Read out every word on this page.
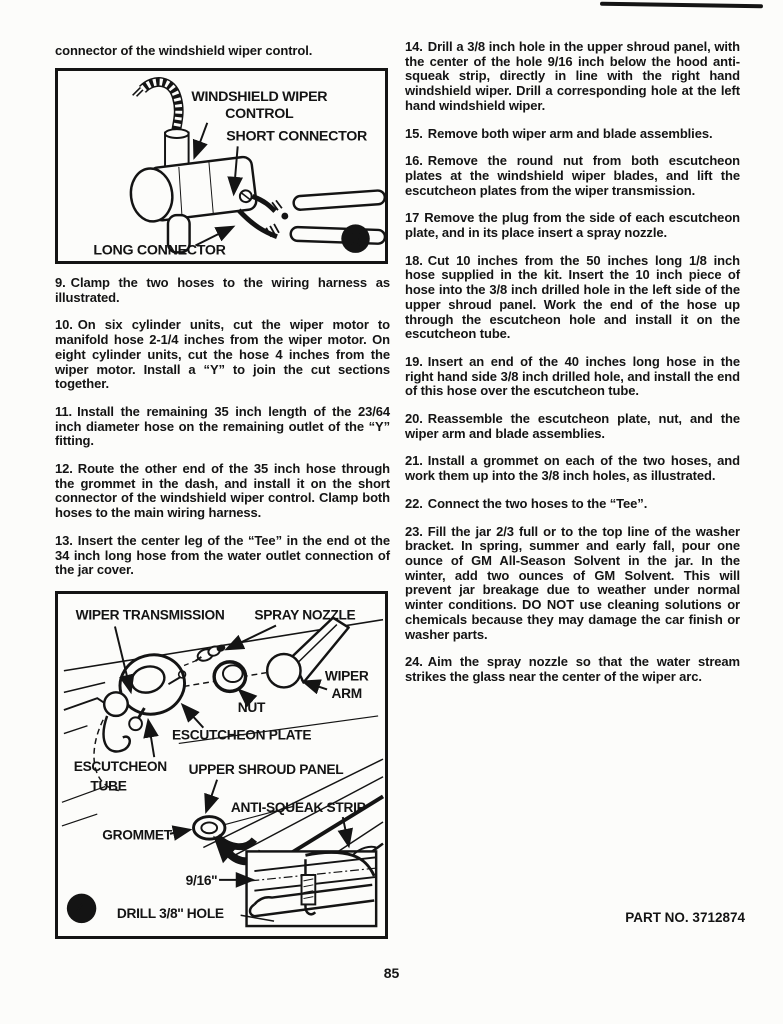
connector of the windshield wiper control.

WINDSHIELD WIPER
CONTROL
SHORT CONNECTOR
LONG CONNECTOR	3

9. Clamp the two hoses to the wiring harness as illustrated.

10. On six cylinder units, cut the wiper motor to manifold hose 2-1/4 inches from the wiper motor. On eight cylinder units, cut the hose 4 inches from the wiper motor. Install a “Y” to join the cut sections together.

11. Install the remaining 35 inch length of the 23/64 inch diameter hose on the remaining outlet of the “Y” fitting.

12. Route the other end of the 35 inch hose through the grommet in the dash, and install it on the short connector of the windshield wiper control. Clamp both hoses to the main wiring harness.

13. Insert the center leg of the “Tee” in the end ot the 34 inch long hose from the water outlet connection of the jar cover.

WIPER TRANSMISSION SPRAY NOZZLE
WIPER
ARM
NUT
ESCUTCHEON PLATE
ESCUTCHEON
TUBE
UPPER SHROUD PANEL
ANTI-SQUEAK STRIP
GROMMET
9/16''
DRILL 3/8'' HOLE
4

14. Drill a 3/8 inch hole in the upper shroud panel, with the center of the hole 9/16 inch below the hood anti-squeak strip, directly in line with the right hand windshield wiper. Drill a corresponding hole at the left hand windshield wiper.

15. Remove both wiper arm and blade assemblies.

16. Remove the round nut from both escutcheon plates at the windshield wiper blades, and lift the escutcheon plates from the wiper transmission.

17 Remove the plug from the side of each escutcheon plate, and in its place insert a spray nozzle.

18. Cut 10 inches from the 50 inches long 1/8 inch hose supplied in the kit. Insert the 10 inch piece of hose into the 3/8 inch drilled hole in the left side of the upper shroud panel. Work the end of the hose up through the escutcheon hole and install it on the escutcheon tube.

19. Insert an end of the 40 inches long hose in the right hand side 3/8 inch drilled hole, and install the end of this hose over the escutcheon tube.

20. Reassemble the escutcheon plate, nut, and the wiper arm and blade assemblies.

21. Install a grommet on each of the two hoses, and work them up into the 3/8 inch holes, as illustrated.

22. Connect the two hoses to the “Tee”.

23. Fill the jar 2/3 full or to the top line of the washer bracket. In spring, summer and early fall, pour one ounce of GM All-Season Solvent in the jar. In the winter, add two ounces of GM Solvent. This will prevent jar breakage due to weather under normal winter conditions. DO NOT use cleaning solutions or chemicals because they may damage the car finish or washer parts.

24. Aim the spray nozzle so that the water stream strikes the glass near the center of the wiper arc.

PART NO. 3712874
85
